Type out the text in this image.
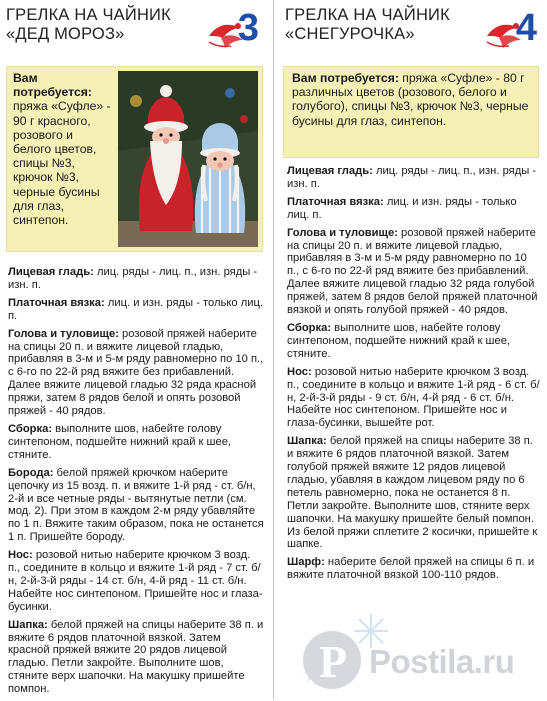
ГРЕЛКА НА ЧАЙНИК
«ДЕД МОРОЗ»	3
Вам потребуется: пряжа «Суфле» - 90 г красного, розового и белого цветов, спицы №3, крючок №3, черные бусины для глаз, синтепон.

Лицевая гладь: лиц. ряды - лиц. п., изн. ряды - изн. п.

Платочная вязка: лиц. и изн. ряды - только лиц. п.

Голова и туловище: розовой пряжей наберите на спицы 20 п. и вяжите лицевой гладью, прибавляя в 3-м и 5-м ряду равномерно по 10 п., с 6-го по 22-й ряд вяжите без прибавлений. Далее вяжите лицевой гладью 32 ряда красной пряжи, затем 8 рядов белой и опять розовой пряжей - 40 рядов.

Сборка: выполните шов, набейте голову синтепоном, подшейте нижний край к шее, стяните.

Борода: белой пряжей крючком наберите цепочку из 15 возд. п. и вяжите 1-й ряд - ст. б/н, 2-й и все четные ряды - вытянутые петли (см. мод. 2). При этом в каждом 2-м ряду убавляйте по 1 п. Вяжите таким образом, пока не останется 1 п. Пришейте бороду.

Нос: розовой нитью наберите крючком 3 возд. п., соедините в кольцо и вяжите 1-й ряд - 7 ст. б/н, 2-й-3-й ряды - 14 ст. б/н, 4-й ряд - 11 ст. б/н. Набейте нос синтепоном. Пришейте нос и глаза-бусинки.

Шапка: белой пряжей на спицы наберите 38 п. и вяжите 6 рядов платочной вязкой. Затем красной пряжей вяжите 20 рядов лицевой гладью. Петли закройте. Выполните шов, стяните верх шапочки. На макушку пришейте помпон.

ГРЕЛКА НА ЧАЙНИК
«СНЕГУРОЧКА»	4
Вам потребуется: пряжа «Суфле» - 80 г различных цветов (розового, белого и голубого), спицы №3, крючок №3, черные бусины для глаз, синтепон.

Лицевая гладь: лиц. ряды - лиц. п., изн. ряды - изн. п.

Платочная вязка: лиц. и изн. ряды - только лиц. п.

Голова и туловище: розовой пряжей наберите на спицы 20 п. и вяжите лицевой гладью, прибавляя в 3-м и 5-м ряду равномерно по 10 п., с 6-го по 22-й ряд вяжите без прибавлений. Далее вяжите лицевой гладью 32 ряда голубой пряжей, затем 8 рядов белой пряжей платочной вязкой и опять голубой пряжей - 40 рядов.

Сборка: выполните шов, набейте голову синтепоном, подшейте нижний край к шее, стяните.

Нос: розовой нитью наберите крючком 3 возд. п., соедините в кольцо и вяжите 1-й ряд - 6 ст. б/н, 2-й-3-й ряды - 9 ст. б/н, 4-й ряд - 6 ст. б/н. Набейте нос синтепоном. Пришейте нос и глаза-бусинки, вышейте рот.

Шапка: белой пряжей на спицы наберите 38 п. и вяжите 6 рядов платочной вязкой. Затем голубой пряжей вяжите 12 рядов лицевой гладью, убавляя в каждом лицевом ряду по 6 петель равномерно, пока не останется 8 п. Петли закройте. Выполните шов, стяните верх шапочки. На макушку пришейте белый помпон. Из белой пряжи сплетите 2 косички, пришейте к шапке.

Шарф: наберите белой пряжей на спицы 6 п. и вяжите платочной вязкой 100-110 рядов.

P Postila.ru
